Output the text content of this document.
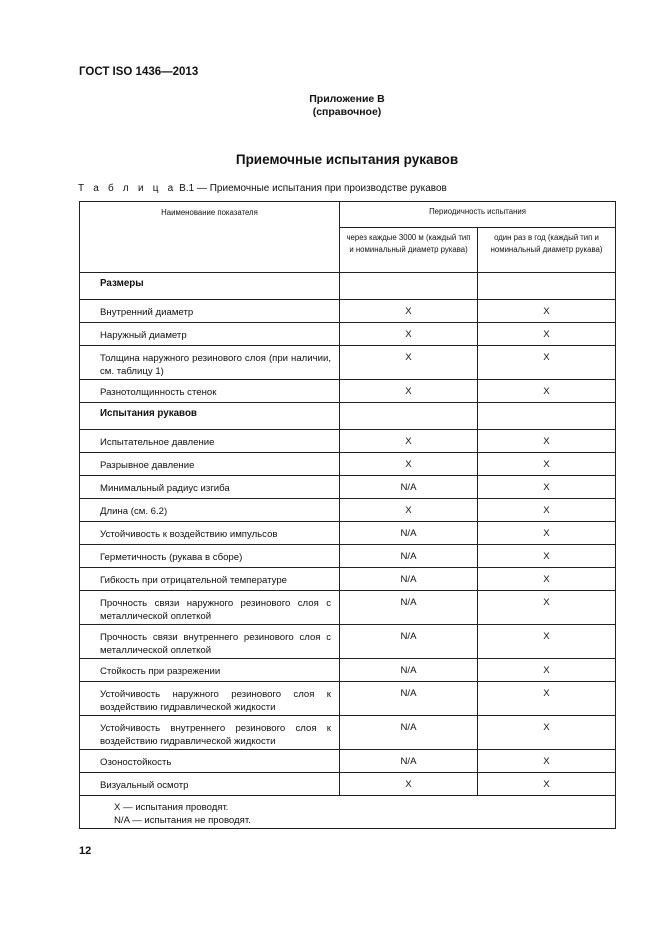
ГОСТ ISO 1436—2013
Приложение В
(справочное)
Приемочные испытания рукавов
Т а б л и ц а В.1 — Приемочные испытания при производстве рукавов
Наименование показателя	Периодичность испытания	
	через каждые 3000 м (каждый тип и номинальный диаметр рукава)	один раз в год (каждый тип и номинальный диаметр рукава)
Размеры		
Внутренний диаметр	X	X
Наружный диаметр	X	X
Толщина наружного резинового слоя (при наличии, см. таблицу 1)	X	X
Разнотолщинность стенок	X	X
Испытания рукавов		
Испытательное давление	X	X
Разрывное давление	X	X
Минимальный радиус изгиба	N/A	X
Длина (см. 6.2)	X	X
Устойчивость к воздействию импульсов	N/A	X
Герметичность (рукава в сборе)	N/A	X
Гибкость при отрицательной температуре	N/A	X
Прочность связи наружного резинового слоя с металлической оплеткой	N/A	X
Прочность связи внутреннего резинового слоя с металлической оплеткой	N/A	X
Стойкость при разрежении	N/A	X
Устойчивость наружного резинового слоя к воздействию гидравлической жидкости	N/A	X
Устойчивость внутреннего резинового слоя к воздействию гидравлической жидкости	N/A	X
Озоностойкость	N/A	X
Визуальный осмотр	X	X

X — испытания проводят.
N/A — испытания не проводят.		
12
